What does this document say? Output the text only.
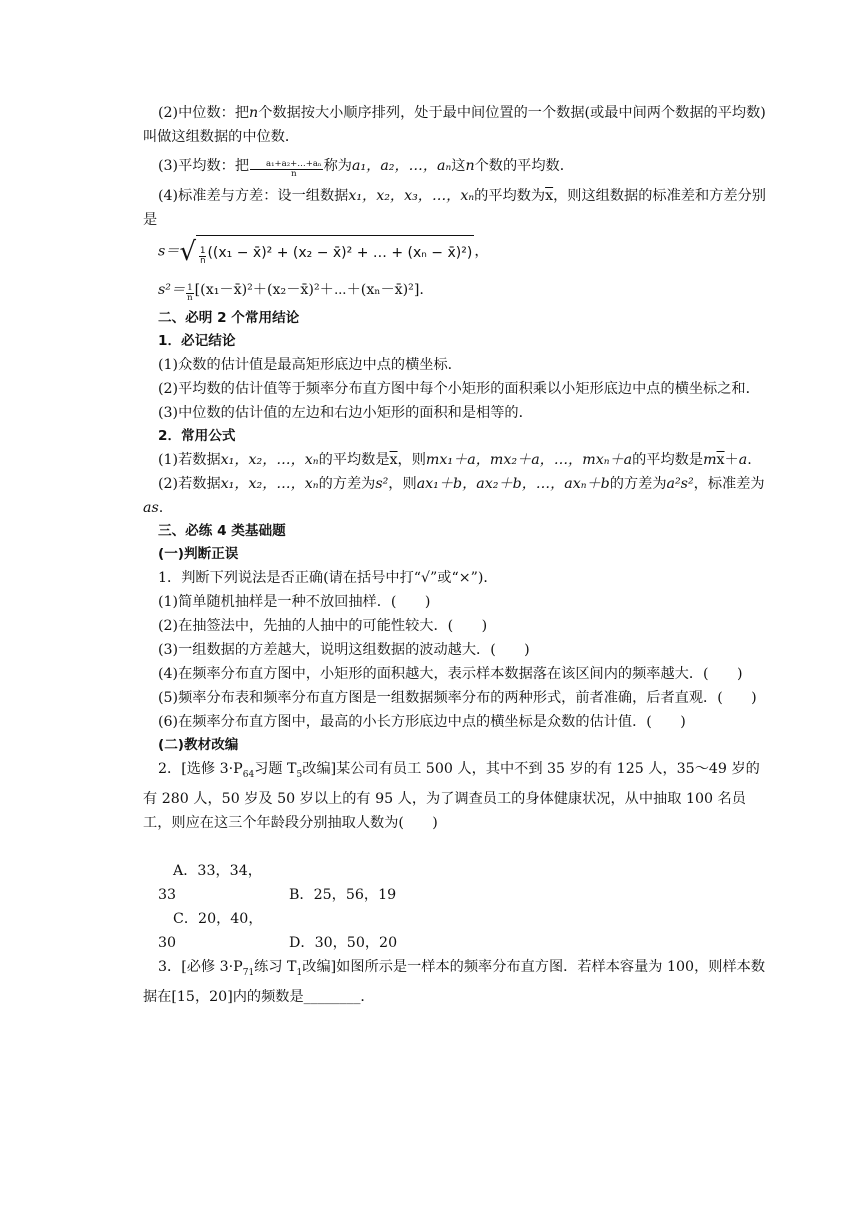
(2)中位数：把n个数据按大小顺序排列，处于最中间位置的一个数据(或最中间两个数据的平均数)叫做这组数据的中位数．

(3)平均数：把 $\frac{\text{a₁+a₂+…+aₙ}}{n}$ 称为a₁，a₂，…，aₙ这n个数的平均数．

(4)标准差与方差：设一组数据x₁，x₂，x₃，…，xₙ的平均数为$\overline{x}$，则这组数据的标准差和方差分别是

$s=√ \frac{1}{n} ((x_1$ − x̄)² + (x₂ − x̄)² + … + (xₙ − x̄)²) ，

$s^2= \frac{1}{n}$ [(x₁－x̄)²＋(x₂－x̄)²＋⋯＋(xₙ－x̄)²].

二、必明 2 个常用结论

1．必记结论

(1)众数的估计值是最高矩形底边中点的横坐标．

(2)平均数的估计值等于频率分布直方图中每个小矩形的面积乘以小矩形底边中点的横坐标之和．

(3)中位数的估计值的左边和右边小矩形的面积和是相等的．

2．常用公式

(1)若数据x₁，x₂，…，xₙ的平均数是$\overline{x}$，则mx₁＋a，mx₂＋a，…，mxₙ＋a的平均数是$m\overline{x}+a$.

(2)若数据x₁，x₂，…，xₙ的方差为s²，则ax₁＋b，ax₂＋b，…，axₙ＋b的方差为a²s²，标准差为as.

三、必练 4 类基础题

(一)判断正误

1．判断下列说法是否正确(请在括号中打“√”或“×”)．

(1)简单随机抽样是一种不放回抽样．(　　)

(2)在抽签法中，先抽的人抽中的可能性较大．(　　)

(3)一组数据的方差越大，说明这组数据的波动越大．(　　)

(4)在频率分布直方图中，小矩形的面积越大，表示样本数据落在该区间内的频率越大．(　　)

(5)频率分布表和频率分布直方图是一组数据频率分布的两种形式，前者准确，后者直观．(　　)

(6)在频率分布直方图中，最高的小长方形底边中点的横坐标是众数的估计值．(　　)

(二)教材改编

2．[选修 $3\cdot P_{64}$习题 $T_5$改编]某公司有员工 500 人，其中不到 35 岁的有 125 人，35～49 岁的有 280 人，50 岁及 50 岁以上的有 95 人，为了调查员工的身体健康状况，从中抽取 100 名员工，则应在这三个年龄段分别抽取人数为(　　)

A．33，34，33	B．25，56，19

C．20，40，30	D．30，50，20

3．[必修 $3\cdot P_{71}$练习 $T_1$改编]如图所示是一样本的频率分布直方图．若样本容量为 100，则样本数据在[15，20]内的频数是________．
